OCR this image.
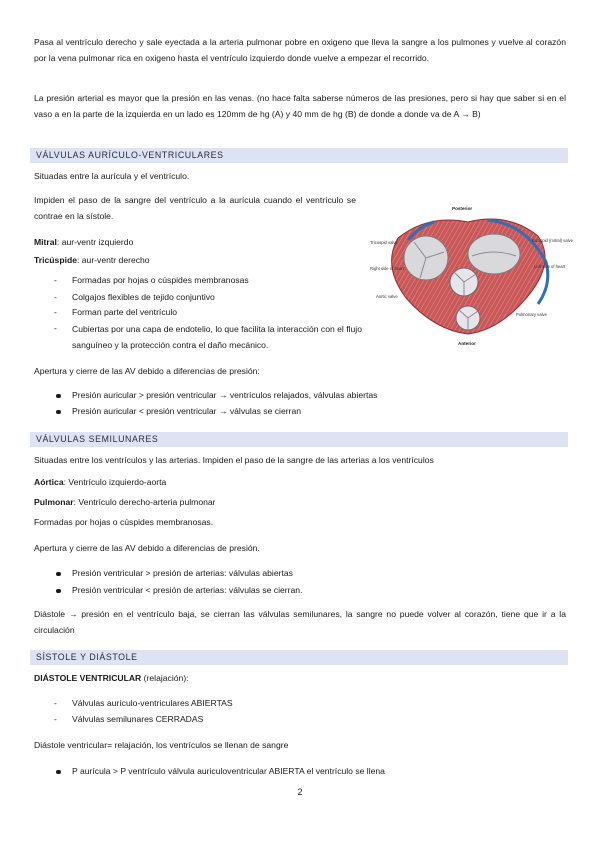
Pasa al ventrículo derecho y sale eyectada a la arteria pulmonar pobre en oxigeno que lleva la sangre a los pulmones y vuelve al corazón por la vena pulmonar rica en oxigeno hasta el ventrículo izquierdo donde vuelve a empezar el recorrido.

La presión arterial es mayor que la presión en las venas. (no hace falta saberse números de las presiones, pero si hay que saber si en el vaso a en la parte de la izquierda en un lado es 120mm de hg (A) y 40 mm de hg (B) de donde a donde va de A → B)

VÁLVULAS AURÍCULO-VENTRICULARES

Situadas entre la aurícula y el ventrículo.

Impiden el paso de la sangre del ventrículo a la aurícula cuando el ventrículo se contrae en la sístole.

Mitral: aur-ventr izquierdo

Tricúspide: aur-ventr derecho

-	Formadas por hojas o cúspides membranosas
-	Colgajos flexibles de tejido conjuntivo
-	Forman parte del ventrículo
-	Cubiertas por una capa de endotelio, lo que facilita la interacción con el flujo sanguíneo y la protección contra el daño mecánico.
Posterior
Anterior
Tricuspid valve	Bicuspid (mitral) valve
Right side of heart	Left side of heart
Aortic valve
Pulmonary valve

Apertura y cierre de las AV debido a diferencias de presión:

Presión auricular > presión ventricular → ventrículos relajados, válvulas abiertas
Presión auricular < presión ventricular → válvulas se cierran
VÁLVULAS SEMILUNARES

Situadas entre los ventrículos y las arterias. Impiden el paso de la sangre de las arterias a los ventrículos

Aórtica: Ventrículo izquierdo-aorta

Pulmonar: Ventrículo derecho-arteria pulmonar

Formadas por hojas o cúspides membranosas.

Apertura y cierre de las AV debido a diferencias de presión.

Presión ventricular > presión de arterias: válvulas abiertas
Presión ventricular < presión de arterias: válvulas se cierran.

Diástole → presión en el ventrículo baja, se cierran las válvulas semilunares, la sangre no puede volver al corazón, tiene que ir a la circulación

SÍSTOLE Y DIÁSTOLE

DIÁSTOLE VENTRICULAR (relajación):

-	Válvulas aurículo-ventriculares ABIERTAS
-	Válvulas semilunares CERRADAS

Diástole ventricular= relajación, los ventrículos se llenan de sangre

P aurícula > P ventrículo válvula auriculoventricular ABIERTA el ventrículo se llena
2
